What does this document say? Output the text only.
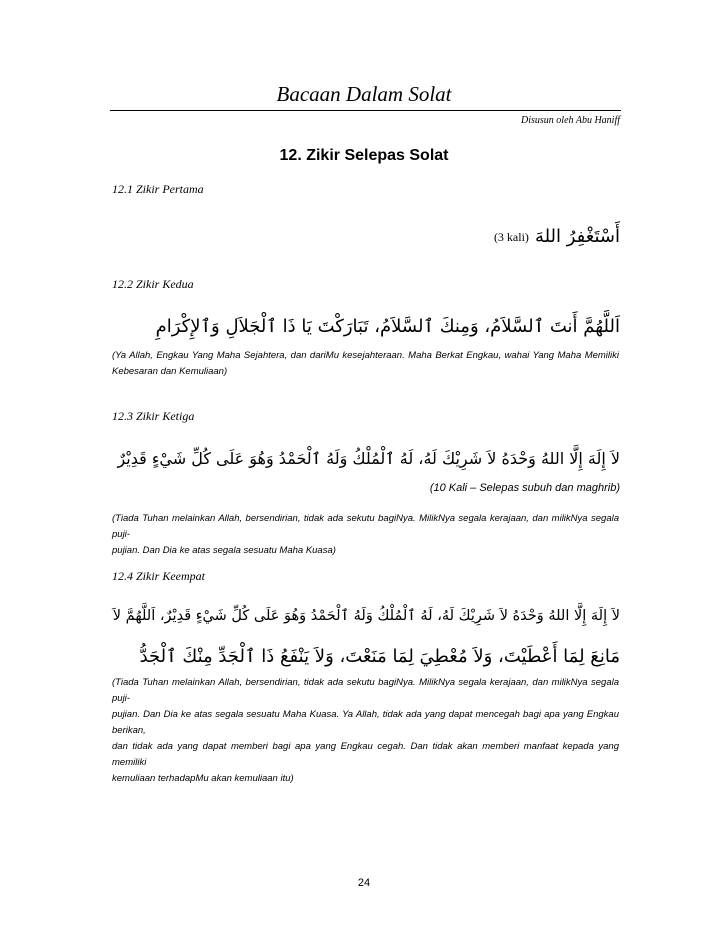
Bacaan Dalam Solat
Disusun oleh Abu Haniff
12. Zikir Selepas Solat
12.1 Zikir Pertama
(3 kali) أَسْتَغْفِرُ اللهَ
12.2 Zikir Kedua
اَللَّهُمَّ أَنتَ ٱلسَّلاَمُ، وَمِنكَ ٱلسَّلاَمُ، تَبَارَكْتَ يَا ذَا ٱلْجَلاَلِ وَٱلإِكْرَامِ
(Ya Allah, Engkau Yang Maha Sejahtera, dan dariMu kesejahteraan. Maha Berkat Engkau, wahai Yang Maha Memiliki
Kebesaran dan Kemuliaan)
12.3 Zikir Ketiga
لاَ إِلَهَ إِلَّا اللهُ وَحْدَهُ لاَ شَرِيْكَ لَهُ، لَهُ ٱلْمُلْكُ وَلَهُ ٱلْحَمْدُ وَهُوَ عَلَى كُلِّ شَيْءٍ قَدِيْرٌ
(10 Kali – Selepas subuh dan maghrib)
(Tiada Tuhan melainkan Allah, bersendirian, tidak ada sekutu bagiNya. MilikNya segala kerajaan, dan milikNya segala puji-
pujian. Dan Dia ke atas segala sesuatu Maha Kuasa)
12.4 Zikir Keempat
لاَ إِلَهَ إِلَّا اللهُ وَحْدَهُ لاَ شَرِيْكَ لَهُ، لَهُ ٱلْمُلْكُ وَلَهُ ٱلْحَمْدُ وَهُوَ عَلَى كُلِّ شَيْءٍ قَدِيْرٌ، اَللَّهُمَّ لاَ
مَانِعَ لِمَا أَعْطَيْتَ، وَلاَ مُعْطِيَ لِمَا مَنَعْتَ، وَلاَ يَنْفَعُ ذَا ٱلْجَدِّ مِنْكَ ٱلْجَدُّ
(Tiada Tuhan melainkan Allah, bersendirian, tidak ada sekutu bagiNya. MilikNya segala kerajaan, dan milikNya segala puji-
pujian. Dan Dia ke atas segala sesuatu Maha Kuasa. Ya Allah, tidak ada yang dapat mencegah bagi apa yang Engkau berikan,
dan tidak ada yang dapat memberi bagi apa yang Engkau cegah. Dan tidak akan memberi manfaat kepada yang memiliki
kemuliaan terhadapMu akan kemuliaan itu)
24
